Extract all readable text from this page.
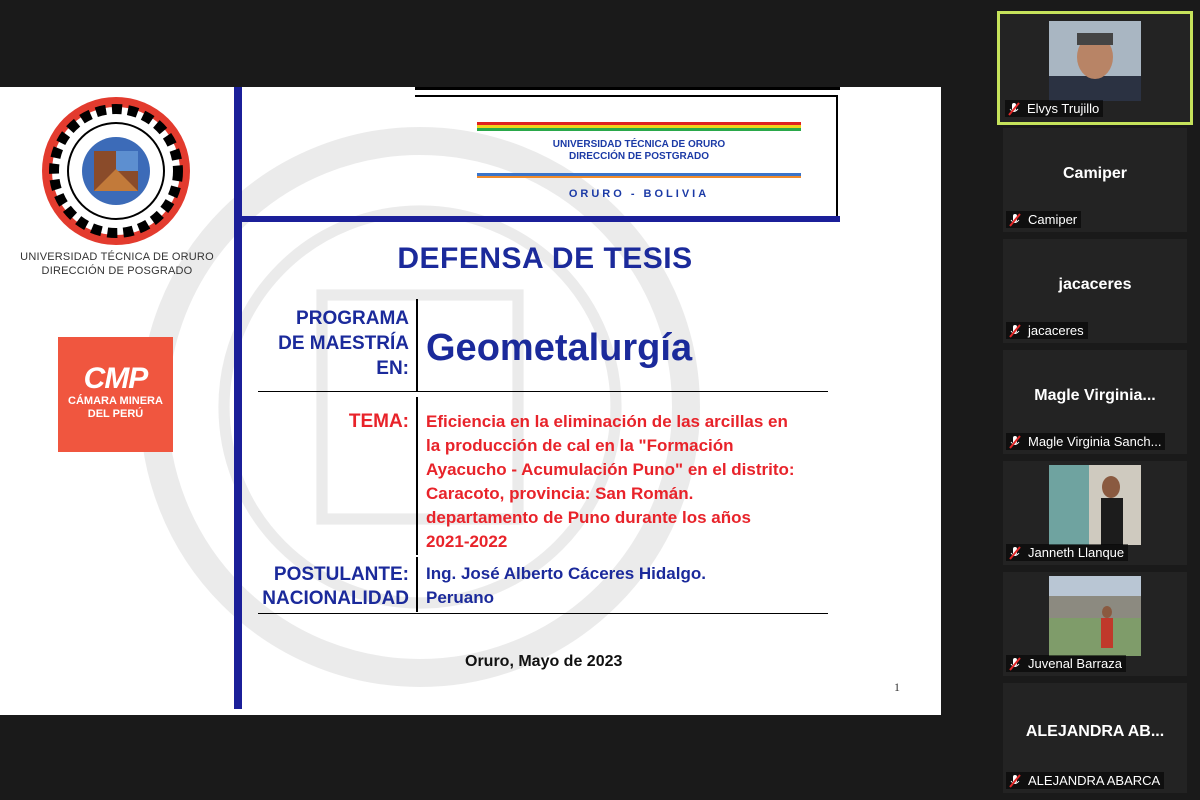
UNIVERSIDAD TÉCNICA DE ORURO
DIRECCIÓN DE POSGRADO
CMP
CÁMARA MINERA
DEL PERÚ
UNIVERSIDAD TÉCNICA DE ORURO
DIRECCIÓN DE POSTGRADO
ORURO - BOLIVIA
DEFENSA DE TESIS
PROGRAMA
DE MAESTRÍA
EN: Geometalurgía
TEMA: Eficiencia en la eliminación de las arcillas en
la producción de cal en la "Formación
Ayacucho - Acumulación Puno" en el distrito:
Caracoto, provincia: San Román.
departamento de Puno durante los años
2021-2022
POSTULANTE:
NACIONALIDAD
Ing. José Alberto Cáceres Hidalgo.
Peruano
Oruro, Mayo de 2023
1
Elvys Trujillo
Camiper
Camiper
jacaceres
jacaceres
Magle Virginia...
Magle Virginia Sanch...
Janneth Llanque
Juvenal Barraza
ALEJANDRA AB...
ALEJANDRA ABARCA
